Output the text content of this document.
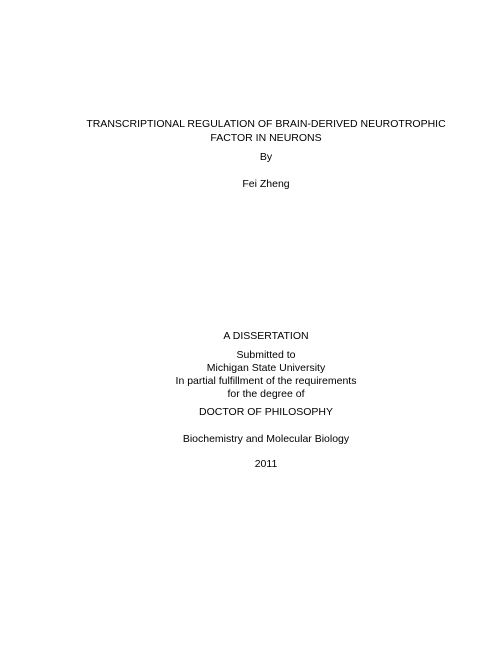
TRANSCRIPTIONAL REGULATION OF BRAIN-DERIVED NEUROTROPHIC
FACTOR IN NEURONS
By
Fei Zheng
A DISSERTATION
Submitted to
Michigan State University
In partial fulfillment of the requirements
for the degree of
DOCTOR OF PHILOSOPHY
Biochemistry and Molecular Biology
2011
